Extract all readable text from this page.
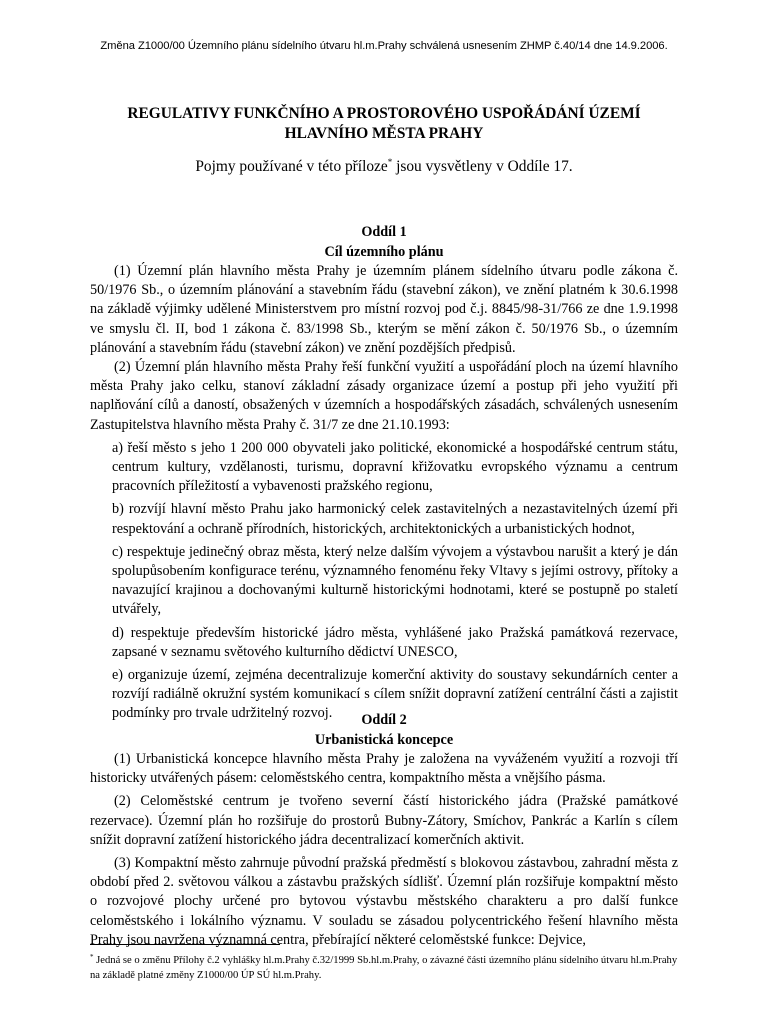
Změna Z1000/00 Územního plánu sídelního útvaru hl.m.Prahy schválená usnesením ZHMP č.40/14 dne 14.9.2006.
REGULATIVY FUNKČNÍHO A PROSTOROVÉHO USPOŘÁDÁNÍ ÚZEMÍ
HLAVNÍHO MĚSTA PRAHY
Pojmy používané v této příloze* jsou vysvětleny v Oddíle 17.
Oddíl 1
Cíl územního plánu

(1) Územní plán hlavního města Prahy je územním plánem sídelního útvaru podle zákona č. 50/1976 Sb., o územním plánování a stavebním řádu (stavební zákon), ve znění platném k 30.6.1998 na základě výjimky udělené Ministerstvem pro místní rozvoj pod č.j. 8845/98-31/766 ze dne 1.9.1998 ve smyslu čl. II, bod 1 zákona č. 83/1998 Sb., kterým se mění zákon č. 50/1976 Sb., o územním plánování a stavebním řádu (stavební zákon) ve znění pozdějších předpisů.

(2) Územní plán hlavního města Prahy řeší funkční využití a uspořádání ploch na území hlavního města Prahy jako celku, stanoví základní zásady organizace území a postup při jeho využití při naplňování cílů a daností, obsažených v územních a hospodářských zásadách, schválených usnesením Zastupitelstva hlavního města Prahy č. 31/7 ze dne 21.10.1993:

a) řeší město s jeho 1 200 000 obyvateli jako politické, ekonomické a hospodářské centrum státu, centrum kultury, vzdělanosti, turismu, dopravní křižovatku evropského významu a centrum pracovních příležitostí a vybavenosti pražského regionu,

b) rozvíjí hlavní město Prahu jako harmonický celek zastavitelných a nezastavitelných území při respektování a ochraně přírodních, historických, architektonických a urbanistických hodnot,

c) respektuje jedinečný obraz města, který nelze dalším vývojem a výstavbou narušit a který je dán spolupůsobením konfigurace terénu, významného fenoménu řeky Vltavy s jejími ostrovy, přítoky a navazující krajinou a dochovanými kulturně historickými hodnotami, které se postupně po staletí utvářely,

d) respektuje především historické jádro města, vyhlášené jako Pražská památková rezervace, zapsané v seznamu světového kulturního dědictví UNESCO,

e) organizuje území, zejména decentralizuje komerční aktivity do soustavy sekundárních center a rozvíjí radiálně okružní systém komunikací s cílem snížit dopravní zatížení centrální části a zajistit podmínky pro trvale udržitelný rozvoj.	Oddíl 2
Urbanistická koncepce

(1) Urbanistická koncepce hlavního města Prahy je založena na vyváženém využití a rozvoji tří historicky utvářených pásem: celoměstského centra, kompaktního města a vnějšího pásma.

(2) Celoměstské centrum je tvořeno severní částí historického jádra (Pražské památkové rezervace). Územní plán ho rozšiřuje do prostorů Bubny-Zátory, Smíchov, Pankrác a Karlín s cílem snížit dopravní zatížení historického jádra decentralizací komerčních aktivit.

(3) Kompaktní město zahrnuje původní pražská předměstí s blokovou zástavbou, zahradní města z období před 2. světovou válkou a zástavbu pražských sídlišť. Územní plán rozšiřuje kompaktní město o rozvojové plochy určené pro bytovou výstavbu městského charakteru a pro další funkce celoměstského i lokálního významu. V souladu se zásadou polycentrického řešení hlavního města Prahy jsou navržena významná centra, přebírající některé celoměstské funkce: Dejvice,

* Jedná se o změnu Přílohy č.2 vyhlášky hl.m.Prahy č.32/1999 Sb.hl.m.Prahy, o závazné části územního plánu sídelního útvaru hl.m.Prahy na základě platné změny Z1000/00 ÚP SÚ hl.m.Prahy.
